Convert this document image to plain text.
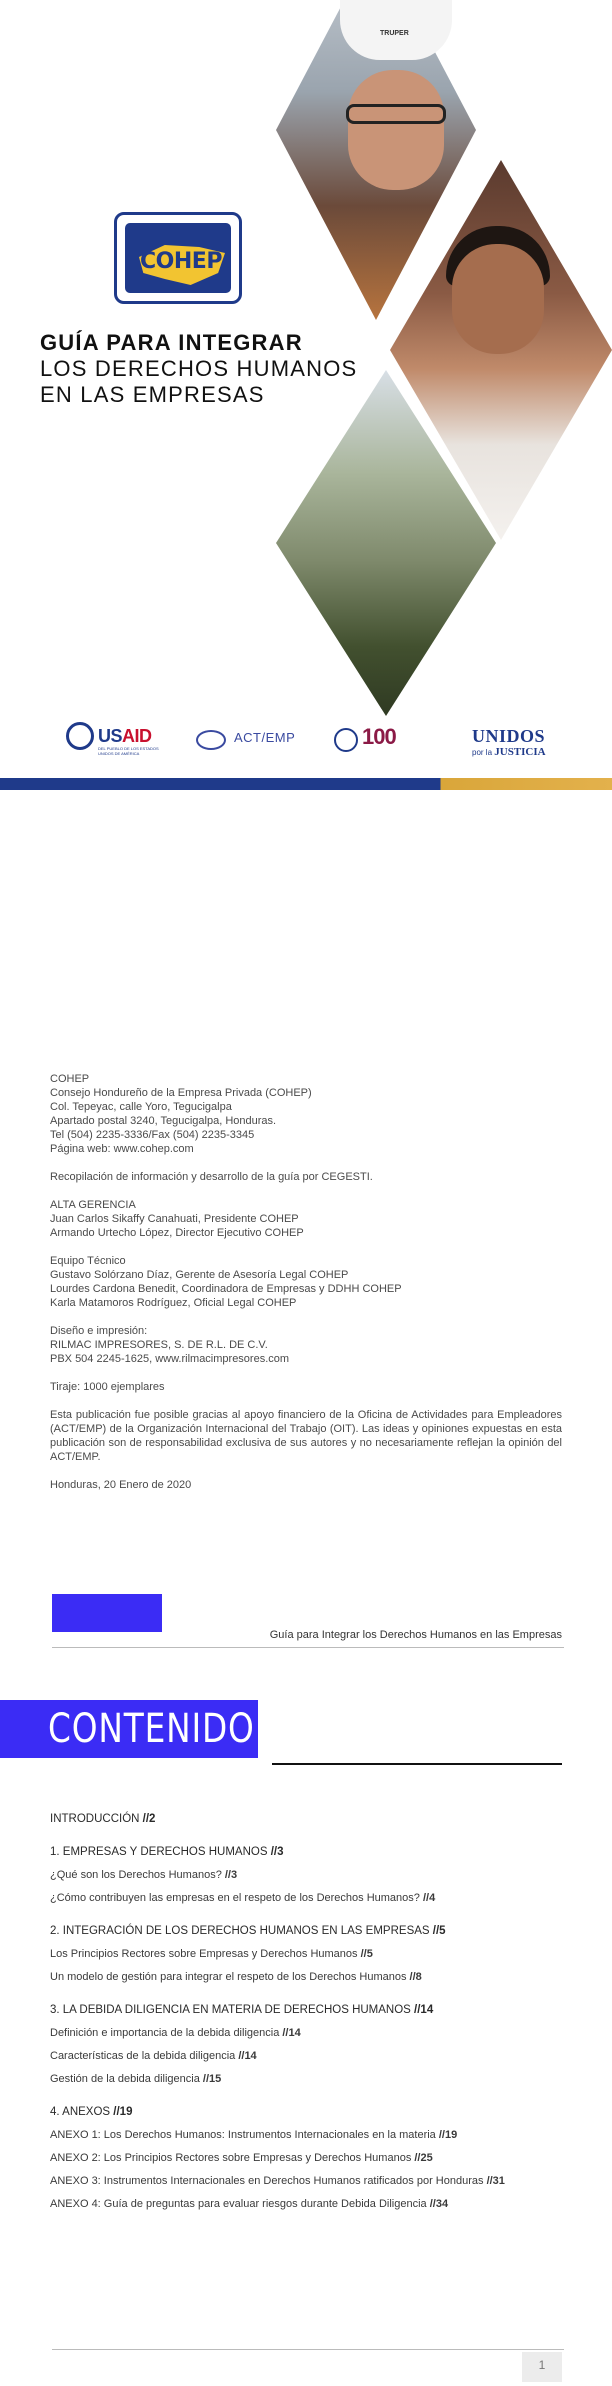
TRUPER
COHEP
GUÍA PARA INTEGRAR
LOS DERECHOS HUMANOS
EN LAS EMPRESAS
USAID
DEL PUEBLO DE LOS ESTADOS UNIDOS DE AMÉRICA
ACT/EMP	100	UNIDOS
por la JUSTICIA
COHEP
Consejo Hondureño de la Empresa Privada (COHEP)
Col. Tepeyac, calle Yoro, Tegucigalpa
Apartado postal 3240, Tegucigalpa, Honduras.
Tel (504) 2235-3336/Fax (504) 2235-3345
Página web: www.cohep.com
Recopilación de información y desarrollo de la guía por CEGESTI.
ALTA GERENCIA
Juan Carlos Sikaffy Canahuati, Presidente COHEP
Armando Urtecho López, Director Ejecutivo COHEP
Equipo Técnico
Gustavo Solórzano Díaz, Gerente de Asesoría Legal COHEP
Lourdes Cardona Benedit, Coordinadora de Empresas y DDHH COHEP
Karla Matamoros Rodríguez, Oficial Legal COHEP
Diseño e impresión:
RILMAC IMPRESORES, S. DE R.L. DE C.V.
PBX 504 2245-1625, www.rilmacimpresores.com
Tiraje: 1000 ejemplares
Esta publicación fue posible gracias al apoyo financiero de la Oficina de Actividades para Empleadores (ACT/EMP) de la Organización Internacional del Trabajo (OIT). Las ideas y opiniones expuestas en esta publicación son de responsabilidad exclusiva de sus autores y no necesariamente reflejan la opinión del ACT/EMP.
Honduras, 20 Enero de 2020
Guía para Integrar los Derechos Humanos en las Empresas
CONTENIDO
INTRODUCCIÓN //2
1. EMPRESAS Y DERECHOS HUMANOS //3
¿Qué son los Derechos Humanos? //3
¿Cómo contribuyen las empresas en el respeto de los Derechos Humanos? //4
2. INTEGRACIÓN DE LOS DERECHOS HUMANOS EN LAS EMPRESAS //5
Los Principios Rectores sobre Empresas y Derechos Humanos //5
Un modelo de gestión para integrar el respeto de los Derechos Humanos //8
3. LA DEBIDA DILIGENCIA EN MATERIA DE DERECHOS HUMANOS //14
Definición e importancia de la debida diligencia //14
Características de la debida diligencia //14
Gestión de la debida diligencia //15
4. ANEXOS //19
ANEXO 1: Los Derechos Humanos: Instrumentos Internacionales en la materia //19
ANEXO 2: Los Principios Rectores sobre Empresas y Derechos Humanos //25
ANEXO 3: Instrumentos Internacionales en Derechos Humanos ratificados por Honduras //31
ANEXO 4: Guía de preguntas para evaluar riesgos durante Debida Diligencia //34
1
